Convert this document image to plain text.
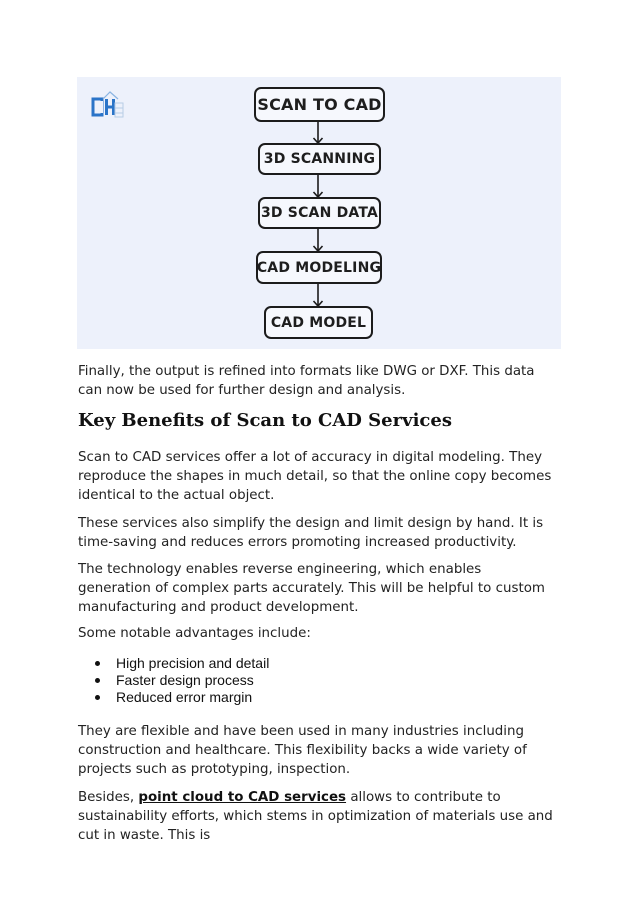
SCAN TO CAD
3D SCANNING
3D SCAN DATA
CAD MODELING
CAD MODEL

Finally, the output is refined into formats like DWG or DXF. This data can now be used for further design and analysis.

Key Benefits of Scan to CAD Services

Scan to CAD services offer a lot of accuracy in digital modeling. They reproduce the shapes in much detail, so that the online copy becomes identical to the actual object.

These services also simplify the design and limit design by hand. It is time-saving and reduces errors promoting increased productivity.

The technology enables reverse engineering, which enables generation of complex parts accurately. This will be helpful to custom manufacturing and product development.

Some notable advantages include:

High precision and detail
Faster design process
Reduced error margin

They are flexible and have been used in many industries including construction and healthcare. This flexibility backs a wide variety of projects such as prototyping, inspection.

Besides, point cloud to CAD services allows to contribute to sustainability efforts, which stems in optimization of materials use and cut in waste. This is
